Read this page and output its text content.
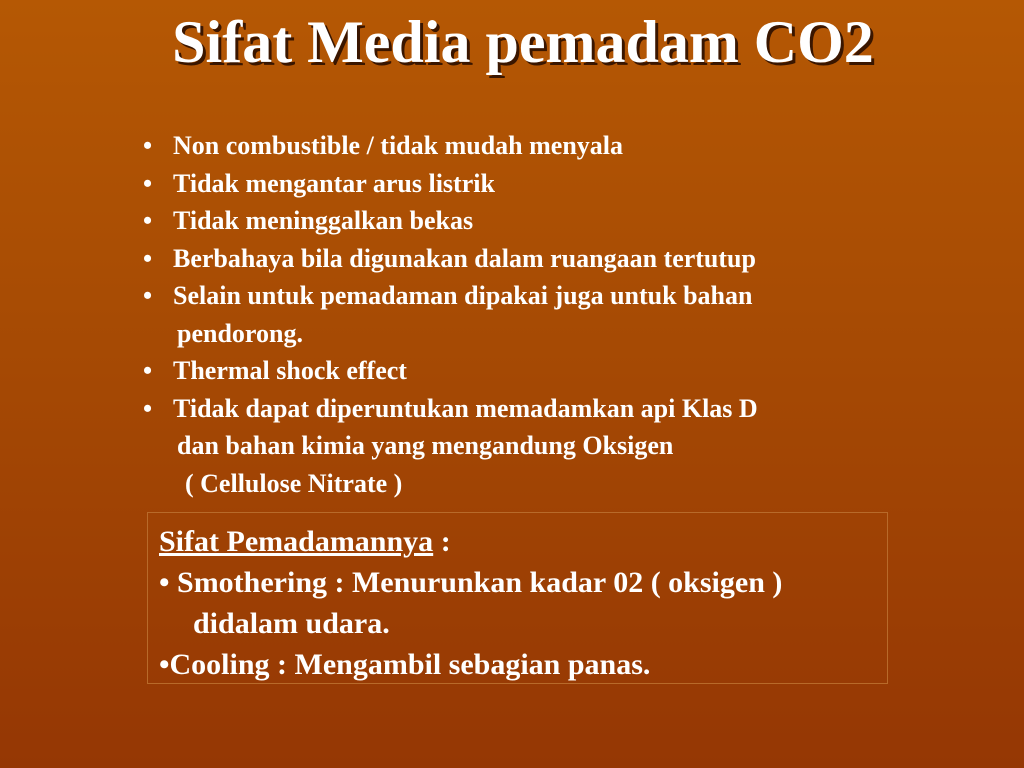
Sifat Media pemadam CO2
• Non combustible / tidak mudah menyala
• Tidak mengantar arus listrik
• Tidak meninggalkan bekas
• Berbahaya bila digunakan dalam ruangaan tertutup
• Selain untuk pemadaman dipakai juga untuk bahan
pendorong.
• Thermal shock effect
• Tidak dapat diperuntukan memadamkan api Klas D
dan bahan kimia yang mengandung Oksigen
( Cellulose Nitrate )
Sifat Pemadamannya :
• Smothering : Menurunkan kadar 02 ( oksigen )
didalam udara.
•Cooling : Mengambil sebagian panas.
